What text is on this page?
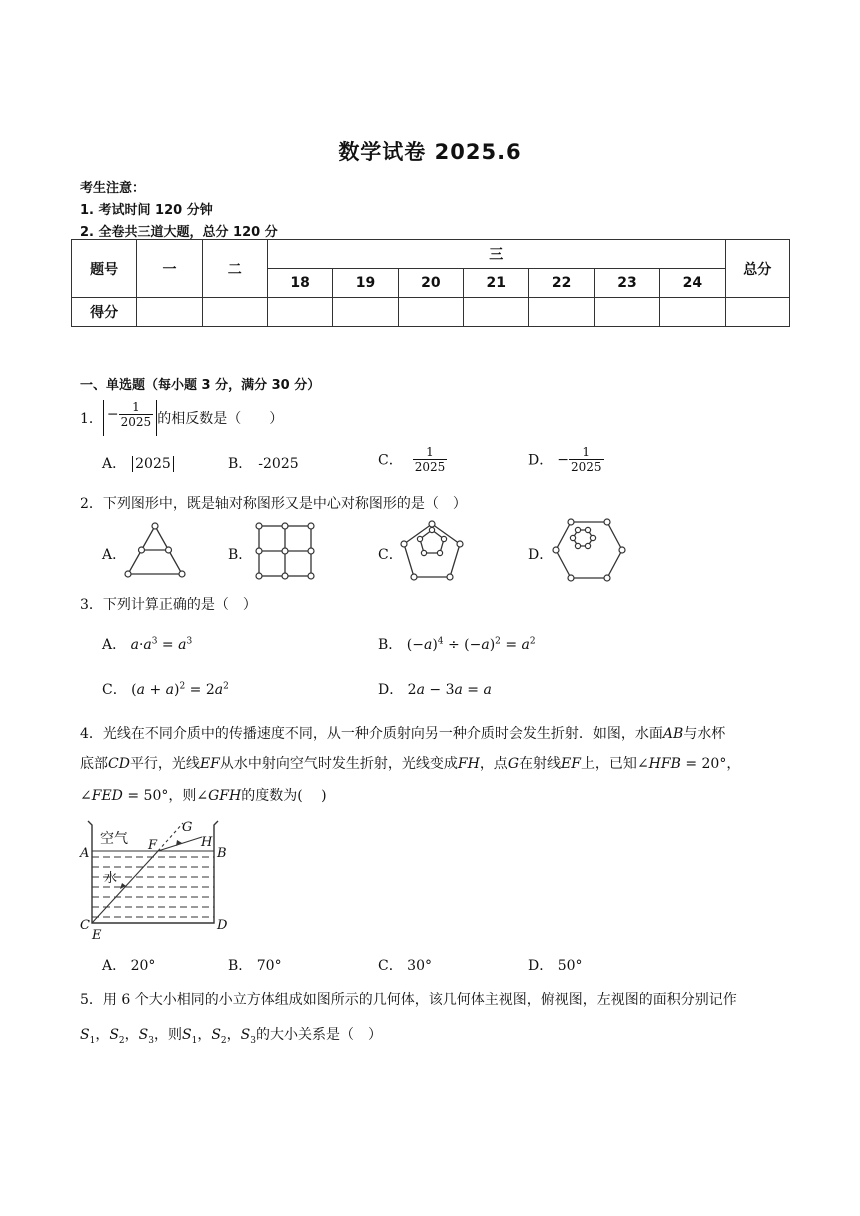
数学试卷 2025.6
考生注意：
1. 考试时间 120 分钟
2. 全卷共三道大题，总分 120 分
题号	一	二	三							总分
			18	19	20	21	22	23	24	
得分										
一、单选题（每小题 3 分，满分 30 分）
1． − $\frac{1}{2025}$ 的相反数是（　　）
A． 2025	B． -2025	C． $\frac{1}{2025}$	D． − $\frac{1}{2025}$
2．下列图形中，既是轴对称图形又是中心对称图形的是（　）
A．	B．	C．	D．
3．下列计算正确的是（　）
A． $a\cdot a^3 = a^3$	B． $(-a)^4 \div (-a)^2 = a^2$
C． $(a + a)^2 = 2a^2$	D． 2a − 3a = a
4．光线在不同介质中的传播速度不同，从一种介质射向另一种介质时会发生折射．如图，水面AB与水杯
底部CD平行，光线EF从水中射向空气时发生折射，光线变成FH，点G在射线EF上，已知∠HFB = 20°，
∠FED = 50°，则∠GFH的度数为(　 )
空气
水
A	B
C	D
E
F
G
H
A． 20°	B． 70°	C． 30°	D． 50°
5．用 6 个大小相同的小立方体组成如图所示的几何体，该几何体主视图，俯视图，左视图的面积分别记作
$S_1$，$S_2$，$S_3$，则$S_1$，$S_2$，$S_3$的大小关系是（　）
